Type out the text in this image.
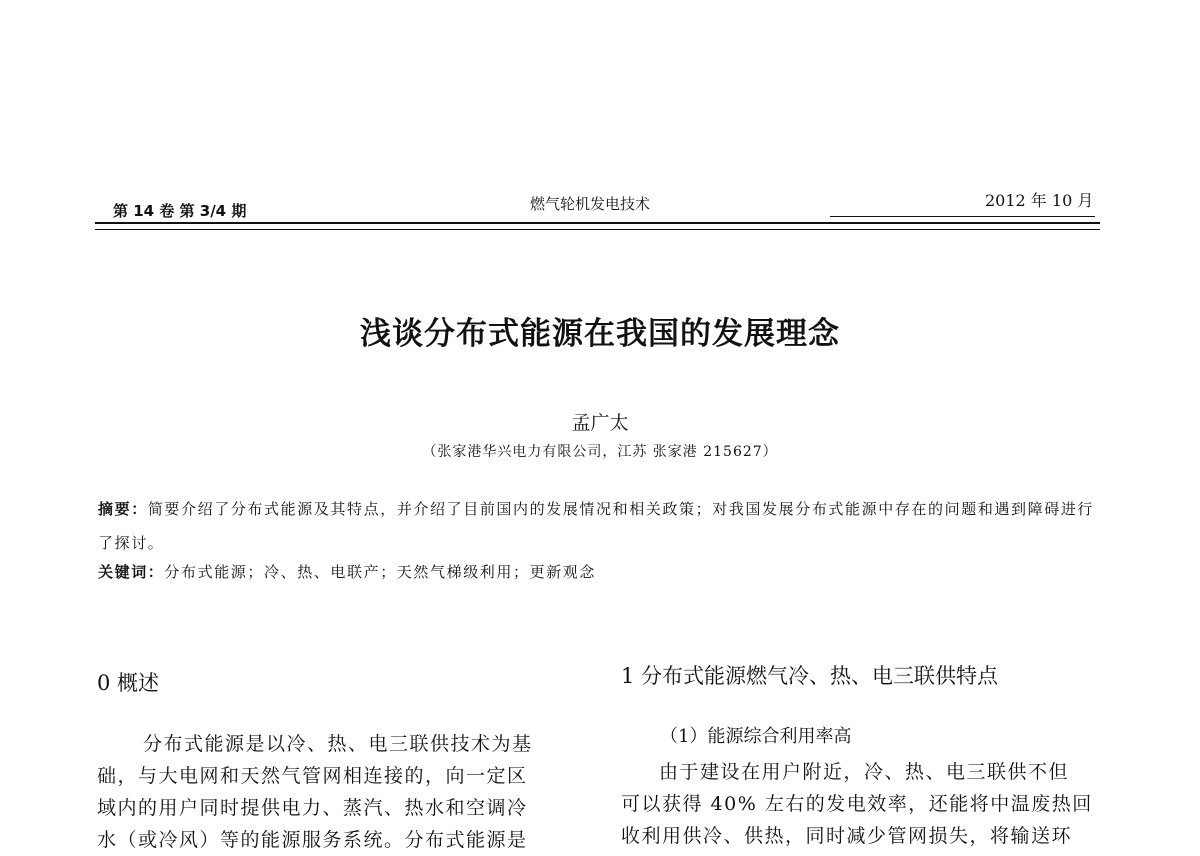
第 14 卷 第 3/4 期	燃气轮机发电技术	2012 年 10 月
浅谈分布式能源在我国的发展理念
孟广太
（张家港华兴电力有限公司，江苏 张家港 215627）
摘要：简要介绍了分布式能源及其特点，并介绍了目前国内的发展情况和相关政策；对我国发展分布式能源中存在的问题和遇到障碍进行了探讨。
关键词：分布式能源；冷、热、电联产；天然气梯级利用；更新观念
0 概述
分布式能源是以冷、热、电三联供技术为基
础，与大电网和天然气管网相连接的，向一定区
域内的用户同时提供电力、蒸汽、热水和空调冷
水（或冷风）等的能源服务系统。分布式能源是
1 分布式能源燃气冷、热、电三联供特点
（1）能源综合利用率高
由于建设在用户附近，冷、热、电三联供不但
可以获得 40% 左右的发电效率，还能将中温废热回
收利用供冷、供热，同时减少管网损失，将输送环
